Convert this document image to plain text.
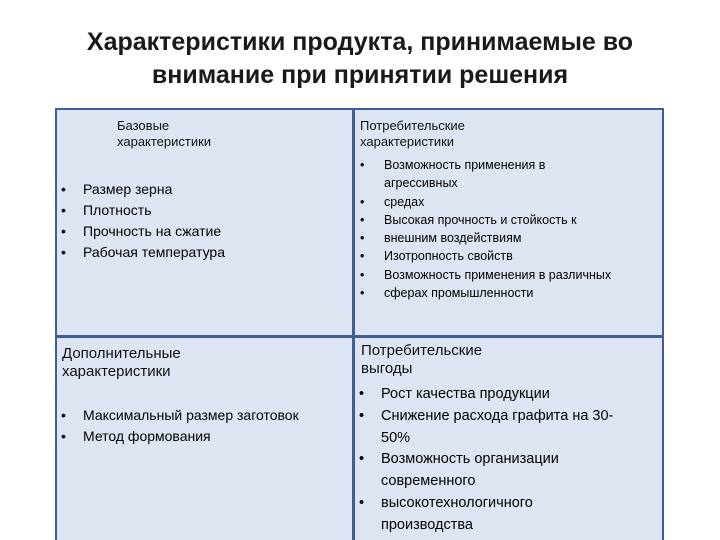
Характеристики продукта, принимаемые во
внимание при принятии решения
Базовые характеристики
• Размер зерна
• Плотность
• Прочность на сжатие
• Рабочая температура
Потребительские характеристики
• Возможность применения в
агрессивных
• средах
• Высокая прочность и стойкость к
• внешним воздействиям
• Изотропность свойств
• Возможность применения в различных
• сферах промышленности
Дополнительные характеристики
• Максимальный размер заготовок
• Метод формования
Потребительские выгоды
• Рост качества продукции
• Снижение расхода графита на 30-
50%
• Возможность организации
современного
• высокотехнологичного
производства
